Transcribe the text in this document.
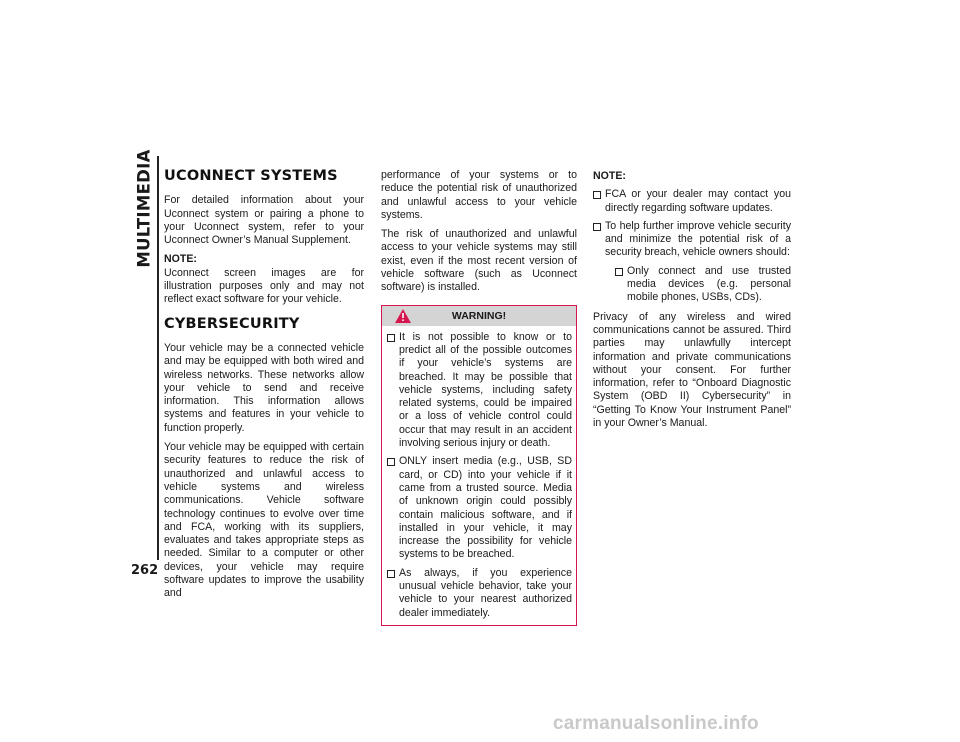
MULTIMEDIA
262
UCONNECT SYSTEMS

For detailed information about your Uconnect system or pairing a phone to your Uconnect system, refer to your Uconnect Owner’s Manual Supplement.

NOTE:

Uconnect screen images are for illustration purposes only and may not reflect exact software for your vehicle.

CYBERSECURITY

Your vehicle may be a connected vehicle and may be equipped with both wired and wireless networks. These networks allow your vehicle to send and receive information. This information allows systems and features in your vehicle to function properly.

Your vehicle may be equipped with certain security features to reduce the risk of unauthorized and unlawful access to vehicle systems and wireless communications. Vehicle software technology continues to evolve over time and FCA, working with its suppliers, evaluates and takes appropriate steps as needed. Similar to a computer or other devices, your vehicle may require software updates to improve the usability and

performance of your systems or to reduce the potential risk of unauthorized and unlawful access to your vehicle systems.

The risk of unauthorized and unlawful access to your vehicle systems may still exist, even if the most recent version of vehicle software (such as Uconnect software) is installed.

WARNING!
It is not possible to know or to predict all of the possible outcomes if your vehicle’s systems are breached. It may be possible that vehicle systems, including safety related systems, could be impaired or a loss of vehicle control could occur that may result in an accident involving serious injury or death.
ONLY insert media (e.g., USB, SD card, or CD) into your vehicle if it came from a trusted source. Media of unknown origin could possibly contain malicious software, and if installed in your vehicle, it may increase the possibility for vehicle systems to be breached.
As always, if you experience unusual vehicle behavior, take your vehicle to your nearest authorized dealer immediately.

NOTE:

FCA or your dealer may contact you directly regarding software updates.
To help further improve vehicle security and minimize the potential risk of a security breach, vehicle owners should:
Only connect and use trusted media devices (e.g. personal mobile phones, USBs, CDs).

Privacy of any wireless and wired communications cannot be assured. Third parties may unlawfully intercept information and private communications without your consent. For further information, refer to “Onboard Diagnostic System (OBD II) Cybersecurity” in “Getting To Know Your Instrument Panel” in your Owner’s Manual.

carmanualsonline.info
